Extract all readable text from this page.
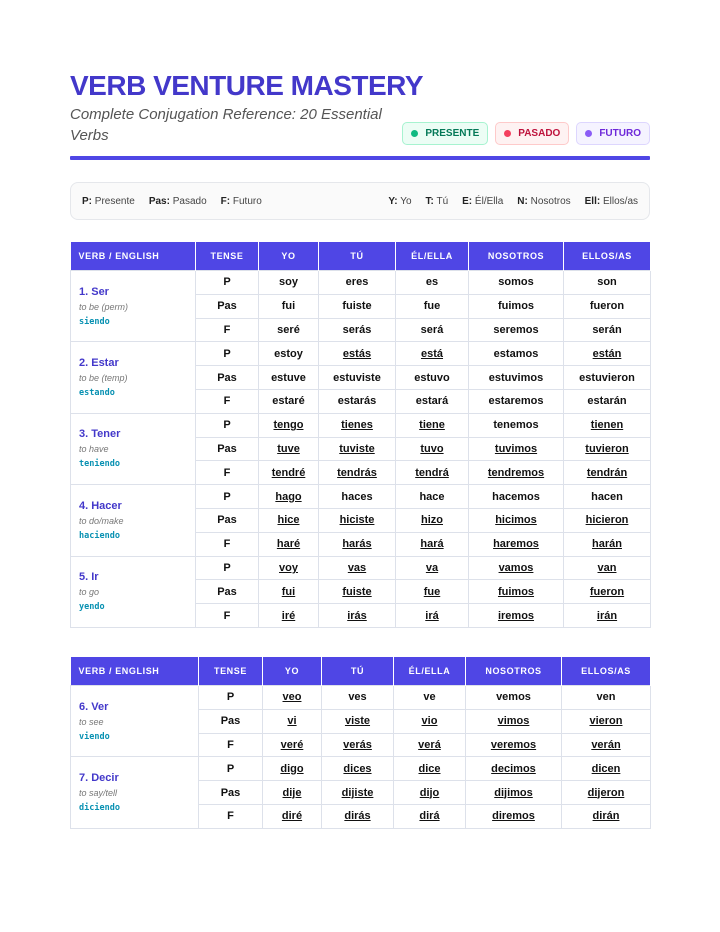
VERB VENTURE MASTERY

Complete Conjugation Reference: 20 Essential Verbs	PRESENTE	PASADO	FUTURO
P: Presente Pas: Pasado F: Futuro	Y: Yo T: Tú E: Él/Ella N: Nosotros Ell: Ellos/as
VERB / ENGLISH	TENSE	YO	TÚ	ÉL/ELLA	NOSOTROS	ELLOS/AS

1. Ser
to be (perm)
siendo	P	soy	eres	es	somos	son
	Pas	fui	fuiste	fue	fuimos	fueron
	F	seré	serás	será	seremos	serán

2. Estar
to be (temp)
estando	P	estoy	estás	está	estamos	están
	Pas	estuve	estuviste	estuvo	estuvimos	estuvieron
	F	estaré	estarás	estará	estaremos	estarán

3. Tener
to have
teniendo	P	tengo	tienes	tiene	tenemos	tienen
	Pas	tuve	tuviste	tuvo	tuvimos	tuvieron
	F	tendré	tendrás	tendrá	tendremos	tendrán

4. Hacer
to do/make
haciendo	P	hago	haces	hace	hacemos	hacen
	Pas	hice	hiciste	hizo	hicimos	hicieron
	F	haré	harás	hará	haremos	harán

5. Ir
to go
yendo	P	voy	vas	va	vamos	van
	Pas	fui	fuiste	fue	fuimos	fueron
	F	iré	irás	irá	iremos	irán
VERB / ENGLISH	TENSE	YO	TÚ	ÉL/ELLA	NOSOTROS	ELLOS/AS

6. Ver
to see
viendo	P	veo	ves	ve	vemos	ven
	Pas	vi	viste	vio	vimos	vieron
	F	veré	verás	verá	veremos	verán

7. Decir
to say/tell
diciendo	P	digo	dices	dice	decimos	dicen
	Pas	dije	dijiste	dijo	dijimos	dijeron
	F	diré	dirás	dirá	diremos	dirán
